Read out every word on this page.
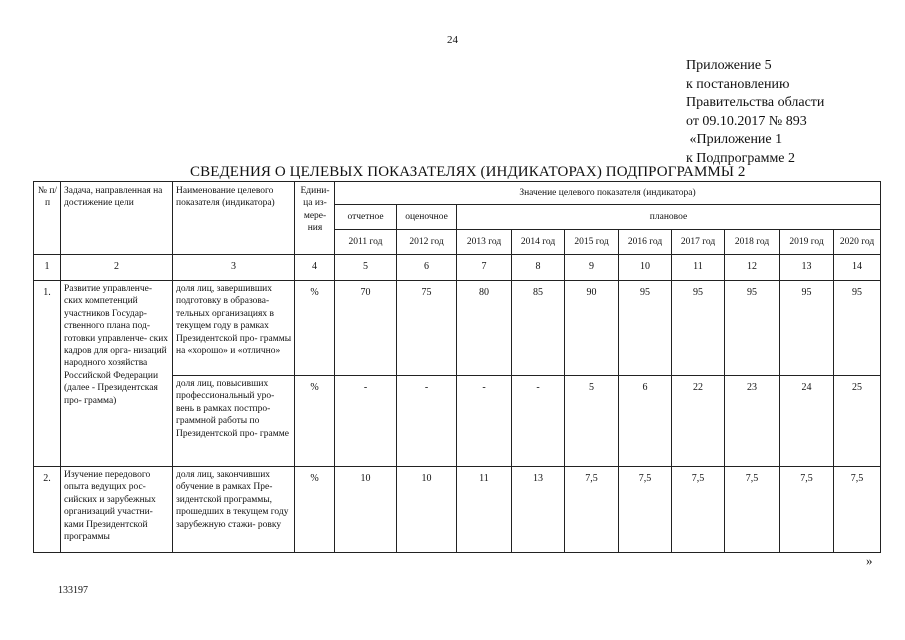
24
Приложение 5
к постановлению
Правительства области
от 09.10.2017 № 893
«Приложение 1
к Подпрограмме 2
СВЕДЕНИЯ О ЦЕЛЕВЫХ ПОКАЗАТЕЛЯХ (ИНДИКАТОРАХ) ПОДПРОГРАММЫ 2
№ п/п	Задача, направленная на достижение цели	Наименование целевого показателя (индикатора)	Едини- ца из- мере- ния	Значение целевого показателя (индикатора)									
				отчетное	оценочное	плановое							
				2011 год	2012 год	2013 год	2014 год	2015 год	2016 год	2017 год	2018 год	2019 год	2020 год
1	2	3	4	5	6	7	8	9	10	11	12	13	14
1.	Развитие управленче- ских компетенций участников Государ- ственного плана под- готовки управленче- ских кадров для орга- низаций народного хозяйства Российской Федерации (далее - Президентская про- грамма)	доля лиц, завершивших подготовку в образова- тельных организациях в текущем году в рамках Президентской про- граммы на «хорошо» и «отлично»	%	70	75	80	85	90	95	95	95	95	95
		доля лиц, повысивших профессиональный уро- вень в рамках постпро- граммной работы по Президентской про- грамме	%	-	-	-	-	5	6	22	23	24	25
2.	Изучение передового опыта ведущих рос- сийских и зарубежных организаций участни- ками Президентской программы	доля лиц, закончивших обучение в рамках Пре- зидентской программы, прошедших в текущем году зарубежную стажи- ровку	%	10	10	11	13	7,5	7,5	7,5	7,5	7,5	7,5
»
133197
